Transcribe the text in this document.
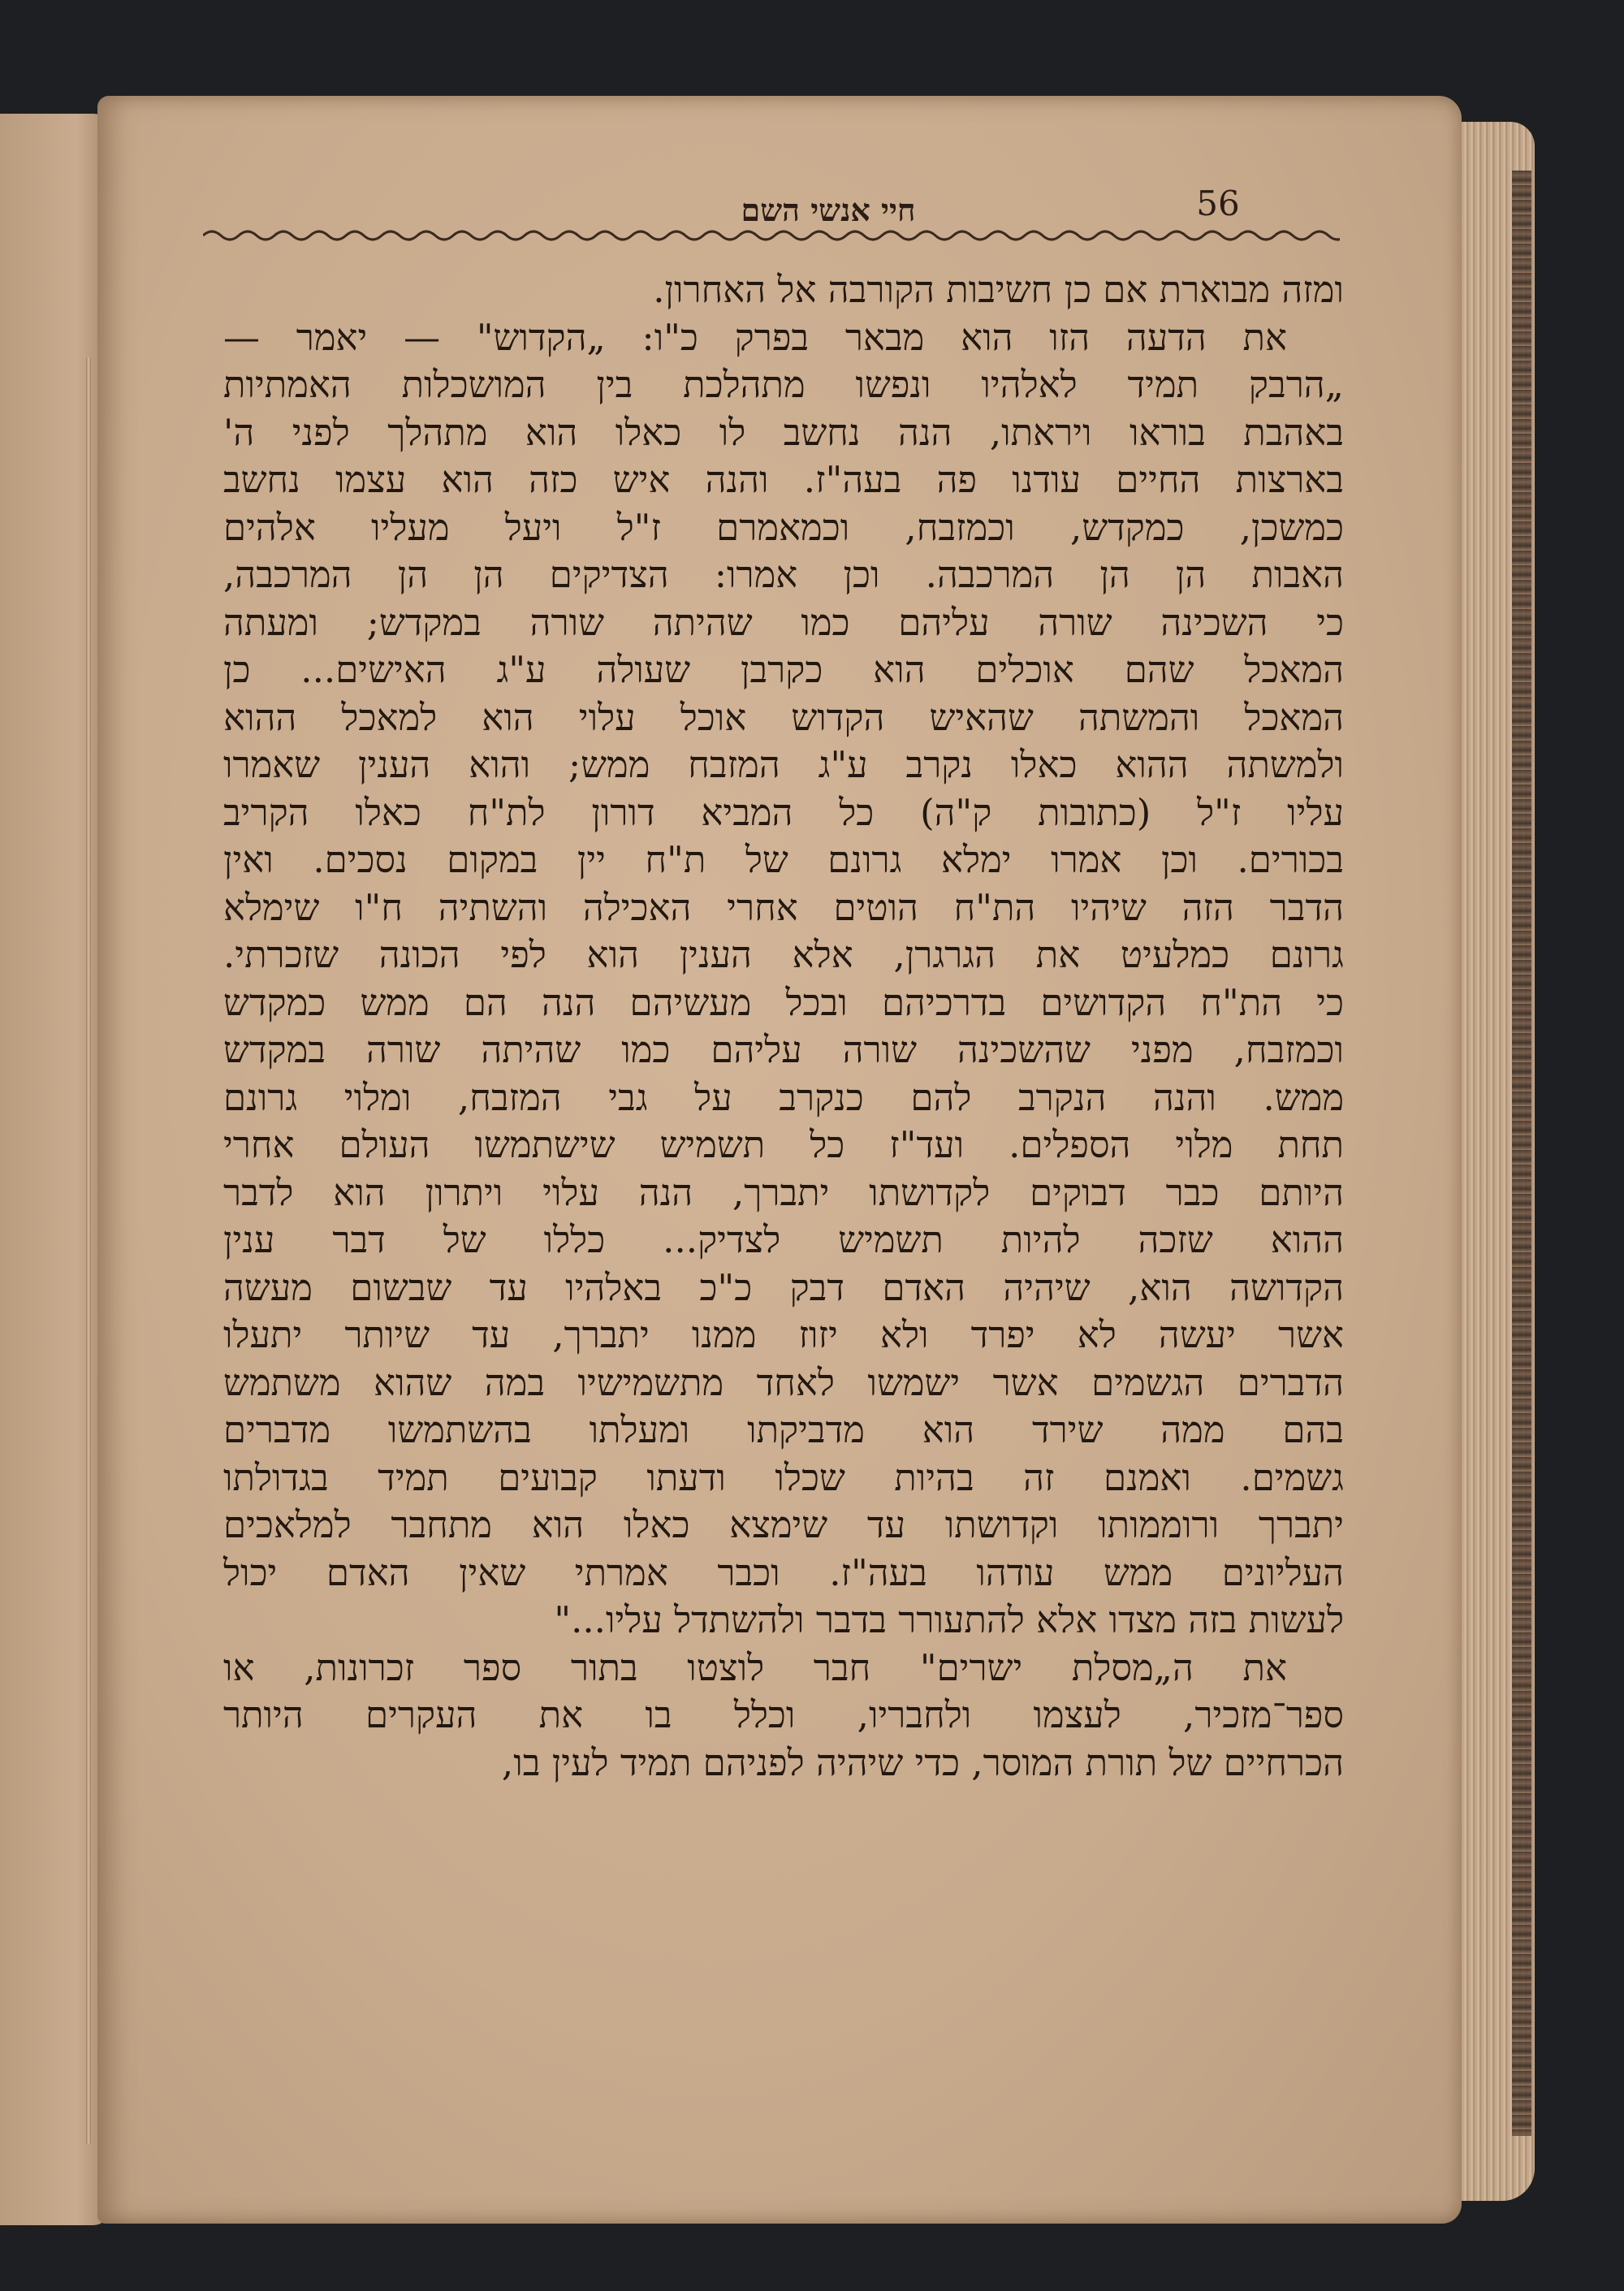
חיי אנשי השם	56
ומזה מבוארת אם כן חשיבות הקורבה אל האחרון.
את הדעה הזו הוא מבאר בפרק כ"ו: „הקדוש" — יאמר —
„הרבק תמיד לאלהיו ונפשו מתהלכת בין המושכלות האמתיות
באהבת בוראו ויראתו, הנה נחשב לו כאלו הוא מתהלך לפני ה'
בארצות החיים עודנו פה בעה"ז. והנה איש כזה הוא עצמו נחשב
כמשכן, כמקדש, וכמזבח, וכמאמרם ז"ל ויעל מעליו אלהים
האבות הן הן המרכבה. וכן אמרו: הצדיקים הן הן המרכבה,
כי השכינה שורה עליהם כמו שהיתה שורה במקדש; ומעתה
המאכל שהם אוכלים הוא כקרבן שעולה ע"ג האישים... כן
המאכל והמשתה שהאיש הקדוש אוכל עלוי הוא למאכל ההוא
ולמשתה ההוא כאלו נקרב ע"ג המזבח ממש; והוא הענין שאמרו
עליו ז"ל (כתובות ק"ה) כל המביא דורון לת"ח כאלו הקריב
בכורים. וכן אמרו ימלא גרונם של ת"ח יין במקום נסכים. ואין
הדבר הזה שיהיו הת"ח הוטים אחרי האכילה והשתיה ח"ו שימלא
גרונם כמלעיט את הגרגרן, אלא הענין הוא לפי הכונה שזכרתי.
כי הת"ח הקדושים בדרכיהם ובכל מעשיהם הנה הם ממש כמקדש
וכמזבח, מפני שהשכינה שורה עליהם כמו שהיתה שורה במקדש
ממש. והנה הנקרב להם כנקרב על גבי המזבח, ומלוי גרונם
תחת מלוי הספלים. ועד"ז כל תשמיש שישתמשו העולם אחרי
היותם כבר דבוקים לקדושתו יתברך, הנה עלוי ויתרון הוא לדבר
ההוא שזכה להיות תשמיש לצדיק... כללו של דבר ענין
הקדושה הוא, שיהיה האדם דבק כ"כ באלהיו עד שבשום מעשה
אשר יעשה לא יפרד ולא יזוז ממנו יתברך, עד שיותר יתעלו
הדברים הגשמים אשר ישמשו לאחד מתשמישיו במה שהוא משתמש
בהם ממה שירד הוא מדביקתו ומעלתו בהשתמשו מדברים
גשמים. ואמנם זה בהיות שכלו ודעתו קבועים תמיד בגדולתו
יתברך ורוממותו וקדושתו עד שימצא כאלו הוא מתחבר למלאכים
העליונים ממש עודהו בעה"ז. וכבר אמרתי שאין האדם יכול
לעשות בזה מצדו אלא להתעורר בדבר ולהשתדל עליו..."
את ה„מסלת ישרים" חבר לוצטו בתור ספר זכרונות, או
ספר־מזכיר, לעצמו ולחבריו, וכלל בו את העקרים היותר
הכרחיים של תורת המוסר, כדי שיהיה לפניהם תמיד לעין בו,
